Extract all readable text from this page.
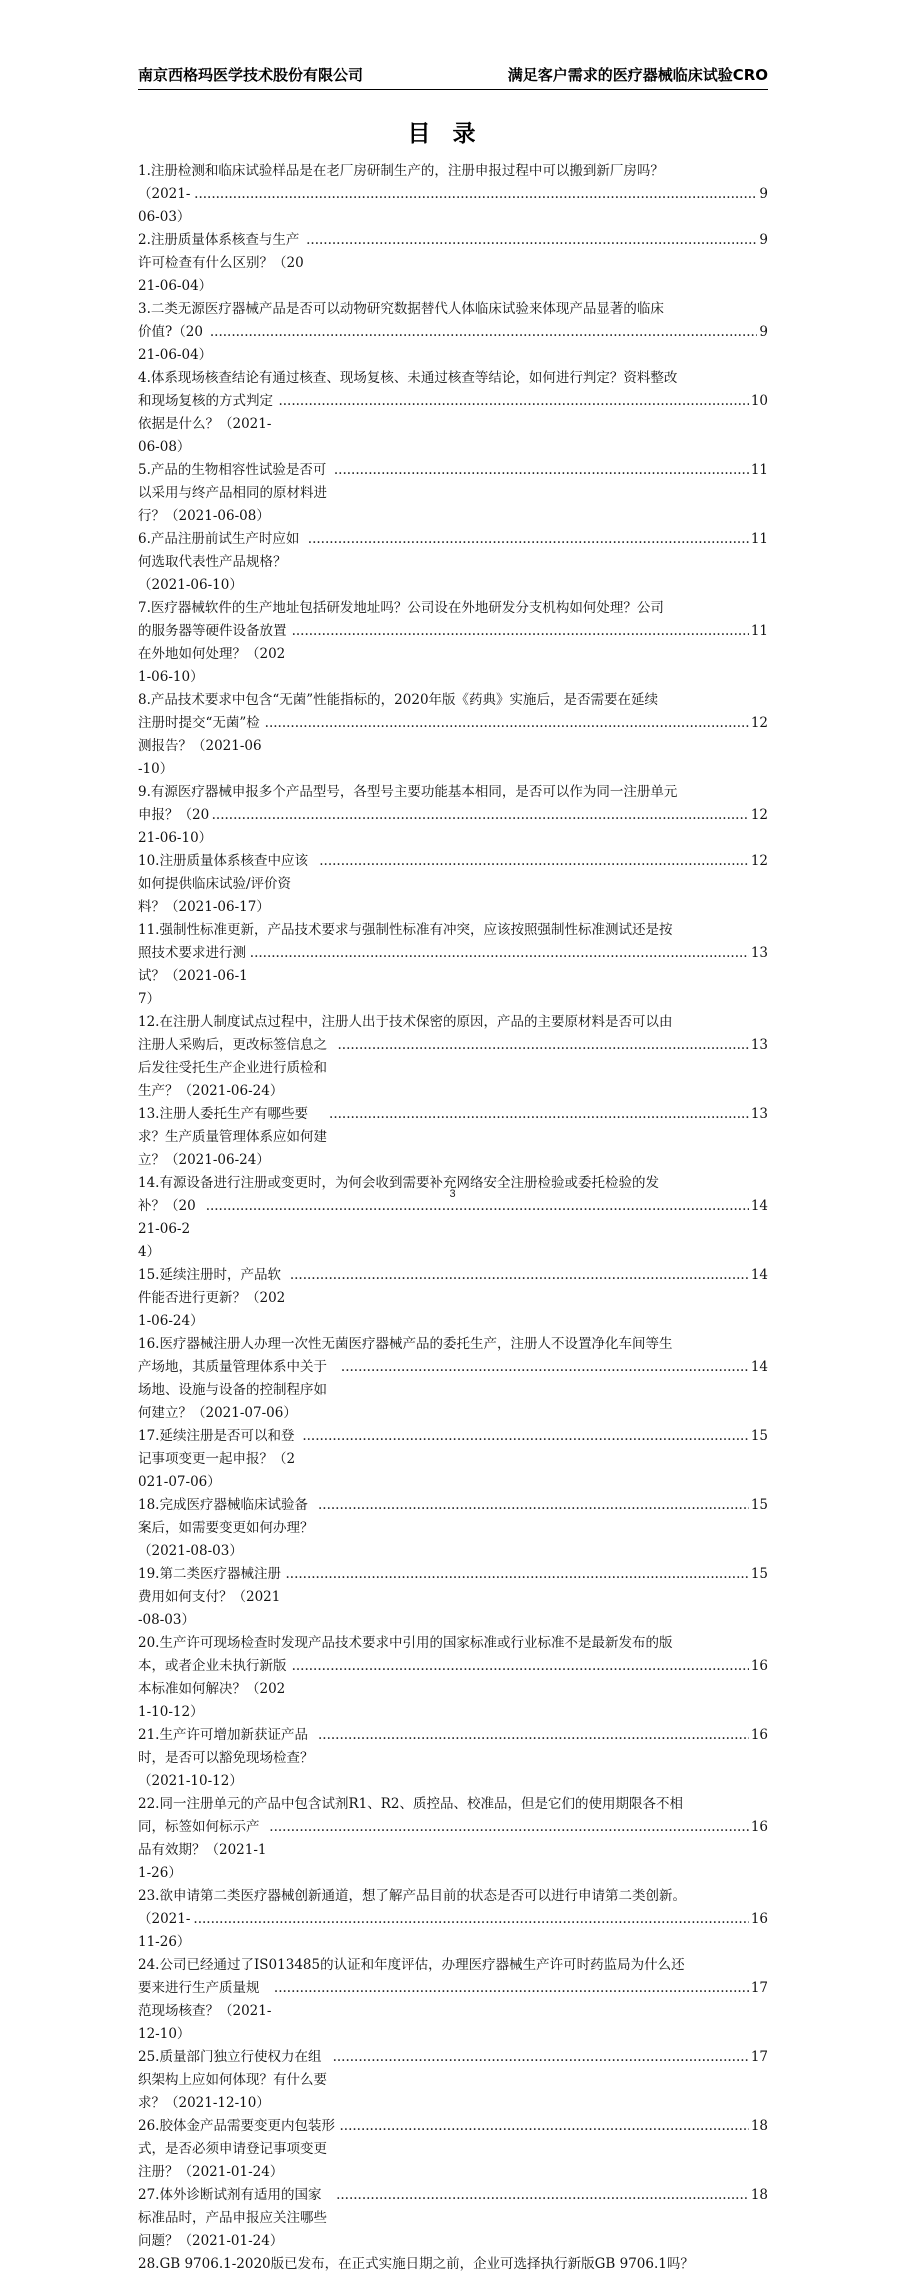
南京西格玛医学技术股份有限公司	满足客户需求的医疗器械临床试验CRO
目录
1.注册检测和临床试验样品是在老厂房研制生产的，注册申报过程中可以搬到新厂房吗？
（2021-06-03）
.....
9
2.注册质量体系核查与生产许可检查有什么区别？（2021-06-04）
.....
9
3.二类无源医疗器械产品是否可以动物研究数据替代人体临床试验来体现产品显著的临床
价值?（2021-06-04）
.....
9
4.体系现场核查结论有通过核查、现场复核、未通过核查等结论，如何进行判定？资料整改
和现场复核的方式判定依据是什么？（2021-06-08）
.....
10
5.产品的生物相容性试验是否可以采用与终产品相同的原材料进行？（2021-06-08）
.....
11
6.产品注册前试生产时应如何选取代表性产品规格？（2021-06-10）
.....
11
7.医疗器械软件的生产地址包括研发地址吗？公司设在外地研发分支机构如何处理？公司
的服务器等硬件设备放置在外地如何处理？（2021-06-10）
.....
11
8.产品技术要求中包含“无菌”性能指标的，2020年版《药典》实施后，是否需要在延续
注册时提交“无菌”检测报告？（2021-06-10）
.....
12
9.有源医疗器械申报多个产品型号，各型号主要功能基本相同，是否可以作为同一注册单元
申报？（2021-06-10）
.....
12
10.注册质量体系核查中应该如何提供临床试验/评价资料？（2021-06-17）
.....
12
11.强制性标准更新，产品技术要求与强制性标准有冲突，应该按照强制性标准测试还是按
照技术要求进行测试？（2021-06-17）
.....
13
12.在注册人制度试点过程中，注册人出于技术保密的原因，产品的主要原材料是否可以由
注册人采购后，更改标签信息之后发往受托生产企业进行质检和生产？（2021-06-24）
.....
13
13.注册人委托生产有哪些要求？生产质量管理体系应如何建立？（2021-06-24）
.....
13
14.有源设备进行注册或变更时，为何会收到需要补充网络安全注册检验或委托检验的发
补？（2021-06-24）
.....
14
15.延续注册时，产品软件能否进行更新？（2021-06-24）
.....
14
16.医疗器械注册人办理一次性无菌医疗器械产品的委托生产，注册人不设置净化车间等生
产场地，其质量管理体系中关于场地、设施与设备的控制程序如何建立？（2021-07-06）
.....
14
17.延续注册是否可以和登记事项变更一起申报？（2021-07-06）
.....
15
18.完成医疗器械临床试验备案后，如需要变更如何办理？（2021-08-03）
.....
15
19.第二类医疗器械注册费用如何支付？（2021-08-03）
.....
15
20.生产许可现场检查时发现产品技术要求中引用的国家标准或行业标准不是最新发布的版
本，或者企业未执行新版本标准如何解决？（2021-10-12）
.....
16
21.生产许可增加新获证产品时，是否可以豁免现场检查？（2021-10-12）
.....
16
22.同一注册单元的产品中包含试剂R1、R2、质控品、校准品，但是它们的使用期限各不相
同，标签如何标示产品有效期？（2021-11-26）
.....
16
23.欲申请第二类医疗器械创新通道，想了解产品目前的状态是否可以进行申请第二类创新。
（2021-11-26）
.....
16
24.公司已经通过了IS013485的认证和年度评估，办理医疗器械生产许可时药监局为什么还
要来进行生产质量规范现场核查？（2021-12-10）
.....
17
25.质量部门独立行使权力在组织架构上应如何体现？有什么要求？（2021-12-10）
.....
17
26.胶体金产品需要变更内包装形式，是否必须申请登记事项变更注册？（2021-01-24）
.....
18
27.体外诊断试剂有适用的国家标准品时，产品申报应关注哪些问题？（2021-01-24）
.....
18
28.GB 9706.1-2020版已发布，在正式实施日期之前，企业可选择执行新版GB 9706.1吗？
3
